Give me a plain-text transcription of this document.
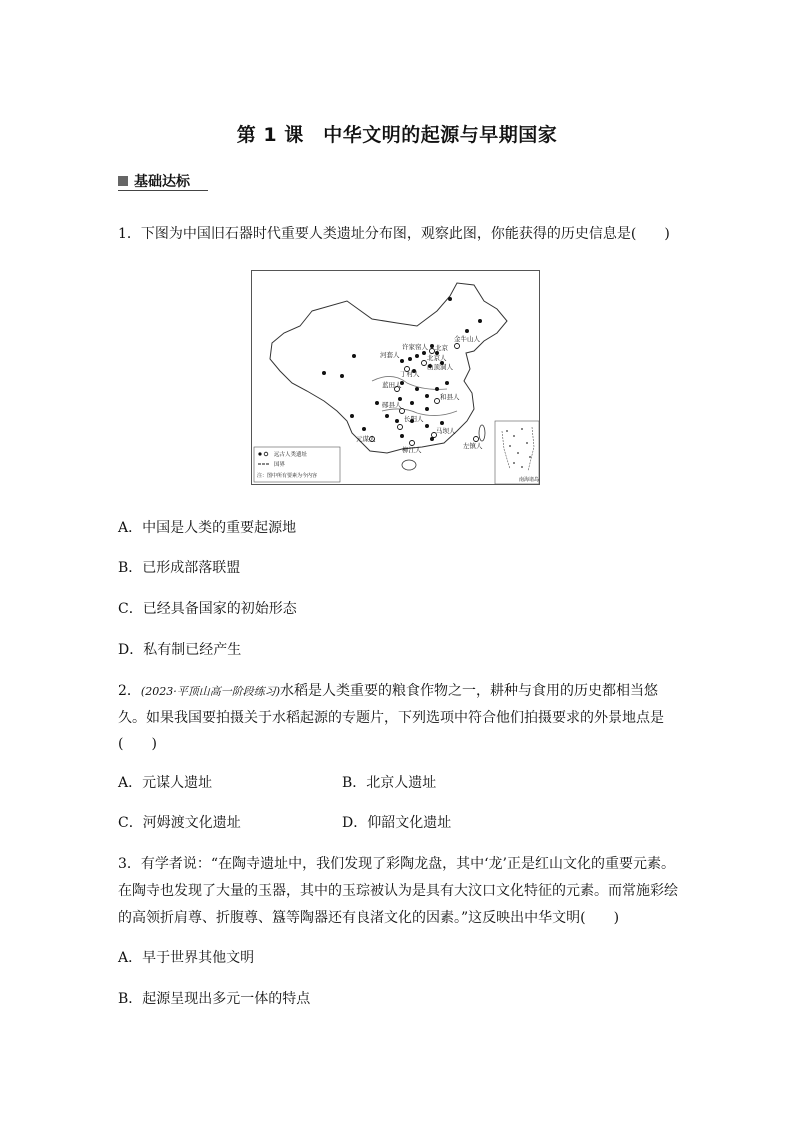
第 1 课　中华文明的起源与早期国家
基础达标
1．下图为中国旧石器时代重要人类遗址分布图，观察此图，你能获得的历史信息是(　　)
北京
金牛山人
北京人
山顶洞人
丁村人
蓝田人
和县人
郧县人
长阳人
元谋人
柳江人
马坝人
左镇人
许家窑人
河套人
远古人类遗址
国界
注：图中所有要素为今内容
南海诸岛
A．中国是人类的重要起源地
B．已形成部落联盟
C．已经具备国家的初始形态
D．私有制已经产生
2．(2023·平顶山高一阶段练习)水稻是人类重要的粮食作物之一，耕种与食用的历史都相当悠
久。如果我国要拍摄关于水稻起源的专题片，下列选项中符合他们拍摄要求的外景地点是
(　　)
A．元谋人遗址	B．北京人遗址
C．河姆渡文化遗址	D．仰韶文化遗址
3．有学者说：“在陶寺遗址中，我们发现了彩陶龙盘，其中‘龙’正是红山文化的重要元素。
在陶寺也发现了大量的玉器，其中的玉琮被认为是具有大汶口文化特征的元素。而常施彩绘
的高领折肩尊、折腹尊、簋等陶器还有良渚文化的因素。”这反映出中华文明(　　)
A．早于世界其他文明
B．起源呈现出多元一体的特点
